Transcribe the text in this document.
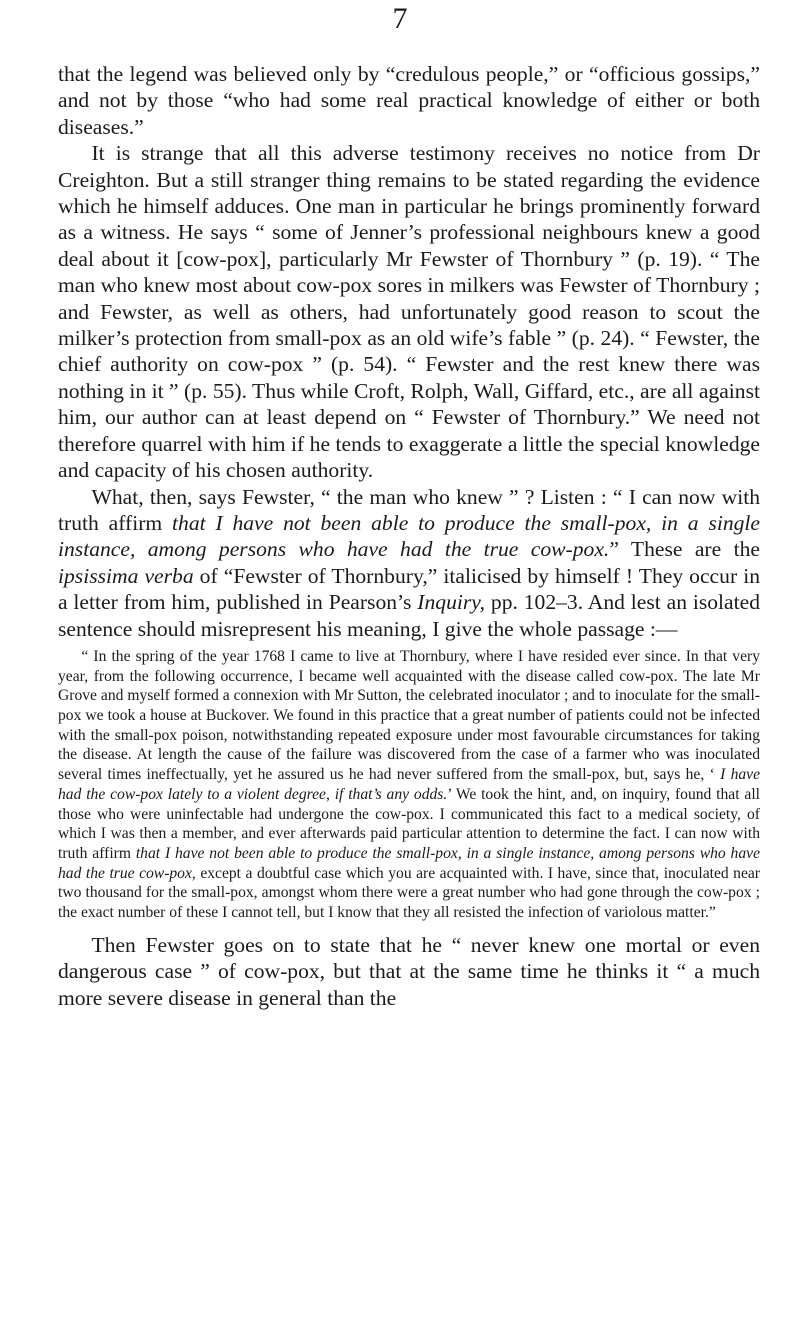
7

that the legend was believed only by “credulous people,” or “officious gossips,” and not by those “who had some real practical knowledge of either or both diseases.”

It is strange that all this adverse testimony receives no notice from Dr Creighton. But a still stranger thing remains to be stated regarding the evidence which he himself adduces. One man in particular he brings prominently forward as a witness. He says “ some of Jenner’s professional neighbours knew a good deal about it [cow-pox], particularly Mr Fewster of Thornbury ” (p. 19). “ The man who knew most about cow-pox sores in milkers was Fewster of Thornbury ; and Fewster, as well as others, had unfortunately good reason to scout the milker’s protection from small-pox as an old wife’s fable ” (p. 24). “ Fewster, the chief authority on cow-pox ” (p. 54). “ Fewster and the rest knew there was nothing in it ” (p. 55). Thus while Croft, Rolph, Wall, Giffard, etc., are all against him, our author can at least depend on “ Fewster of Thornbury.” We need not therefore quarrel with him if he tends to exaggerate a little the special knowledge and capacity of his chosen authority.

What, then, says Fewster, “ the man who knew ” ? Listen : “ I can now with truth affirm that I have not been able to produce the small-pox, in a single instance, among persons who have had the true cow-pox.” These are the ipsissima verba of “Fewster of Thornbury,” italicised by himself ! They occur in a letter from him, published in Pearson’s Inquiry, pp. 102–3. And lest an isolated sentence should misrepresent his meaning, I give the whole passage :—

“ In the spring of the year 1768 I came to live at Thornbury, where I have resided ever since. In that very year, from the following occurrence, I became well acquainted with the disease called cow-pox. The late Mr Grove and myself formed a connexion with Mr Sutton, the celebrated inoculator ; and to inoculate for the small-pox we took a house at Buckover. We found in this practice that a great number of patients could not be infected with the small-pox poison, notwithstanding repeated exposure under most favourable circumstances for taking the disease. At length the cause of the failure was discovered from the case of a farmer who was inoculated several times ineffectually, yet he assured us he had never suffered from the small-pox, but, says he, ‘ I have had the cow-pox lately to a violent degree, if that’s any odds.’ We took the hint, and, on inquiry, found that all those who were uninfectable had undergone the cow-pox. I communicated this fact to a medical society, of which I was then a member, and ever afterwards paid particular attention to determine the fact. I can now with truth affirm that I have not been able to produce the small-pox, in a single instance, among persons who have had the true cow-pox, except a doubtful case which you are acquainted with. I have, since that, inoculated near two thousand for the small-pox, amongst whom there were a great number who had gone through the cow-pox ; the exact number of these I cannot tell, but I know that they all resisted the infection of variolous matter.”

Then Fewster goes on to state that he “ never knew one mortal or even dangerous case ” of cow-pox, but that at the same time he thinks it “ a much more severe disease in general than the
